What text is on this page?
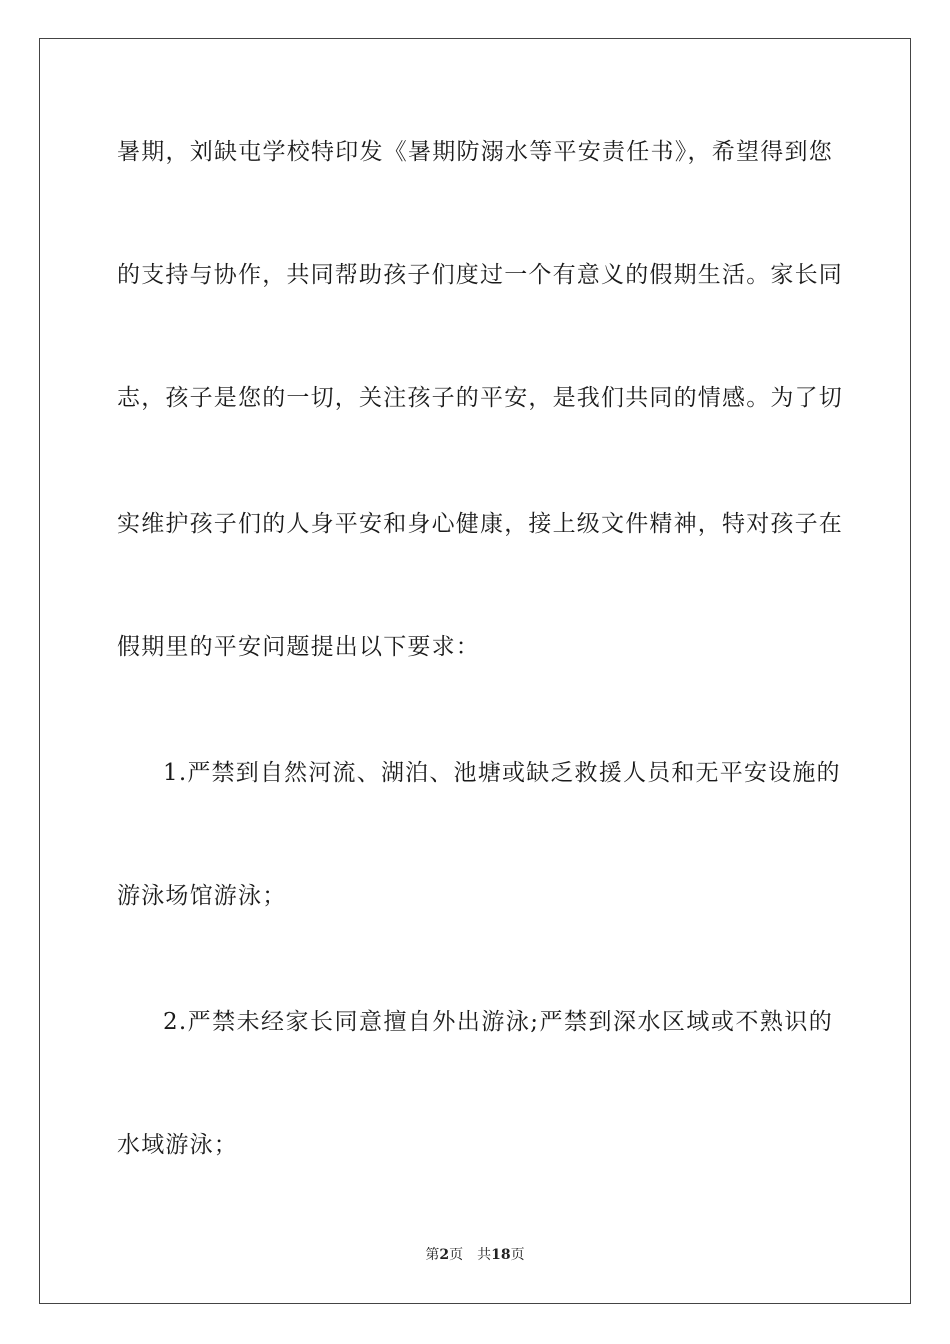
暑期，刘缺屯学校特印发《暑期防溺水等平安责任书》，希望得到您
的支持与协作，共同帮助孩子们度过一个有意义的假期生活。家长同
志，孩子是您的一切，关注孩子的平安，是我们共同的情感。为了切
实维护孩子们的人身平安和身心健康，接上级文件精神，特对孩子在
假期里的平安问题提出以下要求：
1.严禁到自然河流、湖泊、池塘或缺乏救援人员和无平安设施的
游泳场馆游泳；
2.严禁未经家长同意擅自外出游泳;严禁到深水区域或不熟识的
水域游泳；
第2页 共18页
